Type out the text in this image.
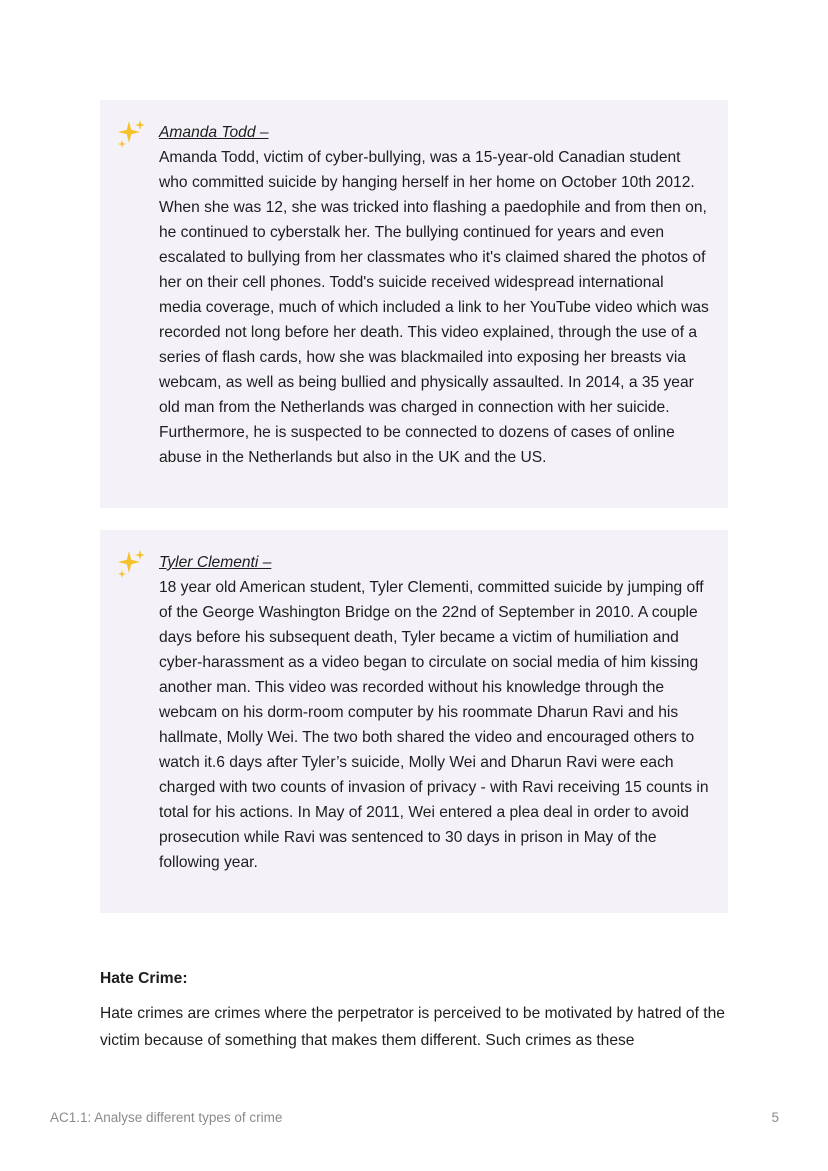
Amanda Todd –

Amanda Todd, victim of cyber-bullying, was a 15-year-old Canadian student who committed suicide by hanging herself in her home on October 10th 2012. When she was 12, she was tricked into flashing a paedophile and from then on, he continued to cyberstalk her. The bullying continued for years and even escalated to bullying from her classmates who it's claimed shared the photos of her on their cell phones. Todd's suicide received widespread international media coverage, much of which included a link to her YouTube video which was recorded not long before her death. This video explained, through the use of a series of flash cards, how she was blackmailed into exposing her breasts via webcam, as well as being bullied and physically assaulted. In 2014, a 35 year old man from the Netherlands was charged in connection with her suicide. Furthermore, he is suspected to be connected to dozens of cases of online abuse in the Netherlands but also in the UK and the US.

Tyler Clementi –

18 year old American student, Tyler Clementi, committed suicide by jumping off of the George Washington Bridge on the 22nd of September in 2010. A couple days before his subsequent death, Tyler became a victim of humiliation and cyber-harassment as a video began to circulate on social media of him kissing another man. This video was recorded without his knowledge through the webcam on his dorm-room computer by his roommate Dharun Ravi and his hallmate, Molly Wei. The two both shared the video and encouraged others to watch it.6 days after Tyler’s suicide, Molly Wei and Dharun Ravi were each charged with two counts of invasion of privacy - with Ravi receiving 15 counts in total for his actions. In May of 2011, Wei entered a plea deal in order to avoid prosecution while Ravi was sentenced to 30 days in prison in May of the following year.

Hate Crime:

Hate crimes are crimes where the perpetrator is perceived to be motivated by hatred of the victim because of something that makes them different. Such crimes as these

AC1.1: Analyse different types of crime	5
